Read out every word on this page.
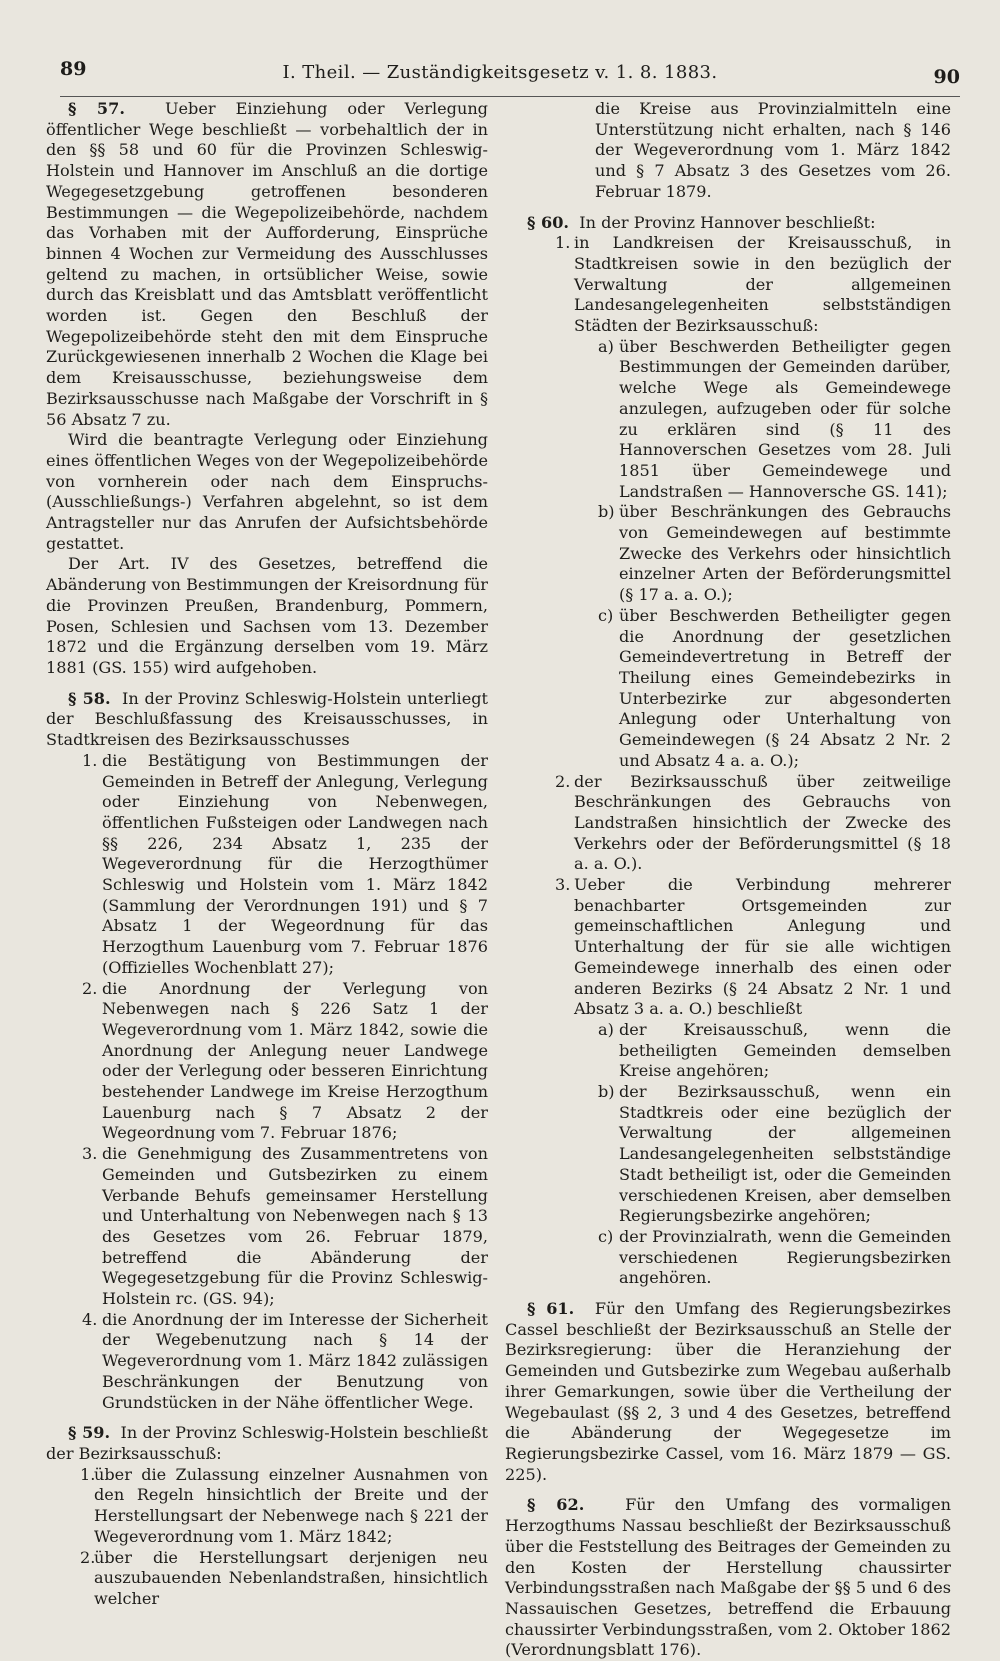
89	I. Theil. — Zuständigkeitsgesetz v. 1. 8. 1883.	90

§ 57. Ueber Einziehung oder Verlegung öffentlicher Wege beschließt — vorbehaltlich der in den §§ 58 und 60 für die Provinzen Schleswig-Holstein und Hannover im Anschluß an die dortige Wegegesetzgebung getroffenen besonderen Bestimmungen — die Wegepolizeibehörde, nachdem das Vorhaben mit der Aufforderung, Einsprüche binnen 4 Wochen zur Vermeidung des Ausschlusses geltend zu machen, in ortsüblicher Weise, sowie durch das Kreisblatt und das Amtsblatt veröffentlicht worden ist. Gegen den Beschluß der Wegepolizeibehörde steht den mit dem Einspruche Zurückgewiesenen innerhalb 2 Wochen die Klage bei dem Kreisausschusse, beziehungsweise dem Bezirksausschusse nach Maßgabe der Vorschrift in § 56 Absatz 7 zu.

Wird die beantragte Verlegung oder Einziehung eines öffentlichen Weges von der Wegepolizeibehörde von vornherein oder nach dem Einspruchs- (Ausschließungs-) Verfahren abgelehnt, so ist dem Antragsteller nur das Anrufen der Aufsichtsbehörde gestattet.

Der Art. IV des Gesetzes, betreffend die Abänderung von Bestimmungen der Kreisordnung für die Provinzen Preußen, Brandenburg, Pommern, Posen, Schlesien und Sachsen vom 13. Dezember 1872 und die Ergänzung derselben vom 19. März 1881 (GS. 155) wird aufgehoben.

§ 58. In der Provinz Schleswig-Holstein unterliegt der Beschlußfassung des Kreisausschusses, in Stadtkreisen des Bezirksausschusses

1. die Bestätigung von Bestimmungen der Gemeinden in Betreff der Anlegung, Verlegung oder Einziehung von Nebenwegen, öffentlichen Fußsteigen oder Landwegen nach §§ 226, 234 Absatz 1, 235 der Wegeverordnung für die Herzogthümer Schleswig und Holstein vom 1. März 1842 (Sammlung der Verordnungen 191) und § 7 Absatz 1 der Wegeordnung für das Herzogthum Lauenburg vom 7. Februar 1876 (Offizielles Wochenblatt 27);
2. die Anordnung der Verlegung von Nebenwegen nach § 226 Satz 1 der Wegeverordnung vom 1. März 1842, sowie die Anordnung der Anlegung neuer Landwege oder der Verlegung oder besseren Einrichtung bestehender Landwege im Kreise Herzogthum Lauenburg nach § 7 Absatz 2 der Wegeordnung vom 7. Februar 1876;
3. die Genehmigung des Zusammentretens von Gemeinden und Gutsbezirken zu einem Verbande Behufs gemeinsamer Herstellung und Unterhaltung von Nebenwegen nach § 13 des Gesetzes vom 26. Februar 1879, betreffend die Abänderung der Wegegesetzgebung für die Provinz Schleswig-Holstein rc. (GS. 94);
4. die Anordnung der im Interesse der Sicherheit der Wegebenutzung nach § 14 der Wegeverordnung vom 1. März 1842 zulässigen Beschränkungen der Benutzung von Grundstücken in der Nähe öffentlicher Wege.

§ 59. In der Provinz Schleswig-Holstein beschließt der Bezirksausschuß:

1.
über die Zulassung einzelner Ausnahmen von den Regeln hinsichtlich der Breite und der Herstellungsart der Nebenwege nach § 221 der Wegeverordnung vom 1. März 1842;
2.
über die Herstellungsart derjenigen neu auszubauenden Nebenlandstraßen, hinsichtlich welcher
die Kreise aus Provinzialmitteln eine Unterstützung nicht erhalten, nach § 146 der Wegeverordnung vom 1. März 1842 und § 7 Absatz 3 des Gesetzes vom 26. Februar 1879.

§ 60. In der Provinz Hannover beschließt:

1. in Landkreisen der Kreisausschuß, in Stadtkreisen sowie in den bezüglich der Verwaltung der allgemeinen Landesangelegenheiten selbstständigen Städten der Bezirksausschuß:
a) über Beschwerden Betheiligter gegen Bestimmungen der Gemeinden darüber, welche Wege als Gemeindewege anzulegen, aufzugeben oder für solche zu erklären sind (§ 11 des Hannoverschen Gesetzes vom 28. Juli 1851 über Gemeindewege und Landstraßen — Hannoversche GS. 141);
b) über Beschränkungen des Gebrauchs von Gemeindewegen auf bestimmte Zwecke des Verkehrs oder hinsichtlich einzelner Arten der Beförderungsmittel (§ 17 a. a. O.);
c) über Beschwerden Betheiligter gegen die Anordnung der gesetzlichen Gemeindevertretung in Betreff der Theilung eines Gemeindebezirks in Unterbezirke zur abgesonderten Anlegung oder Unterhaltung von Gemeindewegen (§ 24 Absatz 2 Nr. 2 und Absatz 4 a. a. O.);
2. der Bezirksausschuß über zeitweilige Beschränkungen des Gebrauchs von Landstraßen hinsichtlich der Zwecke des Verkehrs oder der Beförderungsmittel (§ 18 a. a. O.).
3. Ueber die Verbindung mehrerer benachbarter Ortsgemeinden zur gemeinschaftlichen Anlegung und Unterhaltung der für sie alle wichtigen Gemeindewege innerhalb des einen oder anderen Bezirks (§ 24 Absatz 2 Nr. 1 und Absatz 3 a. a. O.) beschließt
a) der Kreisausschuß, wenn die betheiligten Gemeinden demselben Kreise angehören;
b) der Bezirksausschuß, wenn ein Stadtkreis oder eine bezüglich der Verwaltung der allgemeinen Landesangelegenheiten selbstständige Stadt betheiligt ist, oder die Gemeinden verschiedenen Kreisen, aber demselben Regierungsbezirke angehören;
c) der Provinzialrath, wenn die Gemeinden verschiedenen Regierungsbezirken angehören.

§ 61. Für den Umfang des Regierungsbezirkes Cassel beschließt der Bezirksausschuß an Stelle der Bezirksregierung: über die Heranziehung der Gemeinden und Gutsbezirke zum Wegebau außerhalb ihrer Gemarkungen, sowie über die Vertheilung der Wegebaulast (§§ 2, 3 und 4 des Gesetzes, betreffend die Abänderung der Wegegesetze im Regierungsbezirke Cassel, vom 16. März 1879 — GS. 225).

§ 62.	Für den Umfang des vormaligen Herzogthums Nassau beschließt der Bezirksausschuß über die Feststellung des Beitrages der Gemeinden zu den Kosten der Herstellung chaussirter Verbindungsstraßen nach Maßgabe der §§ 5 und 6 des Nassauischen Gesetzes, betreffend die Erbauung chaussirter Verbindungsstraßen, vom 2. Oktober 1862 (Verordnungsblatt 176).
